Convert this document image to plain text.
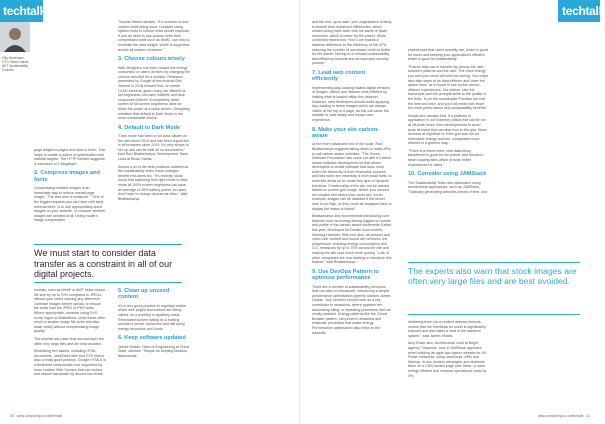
techtalk
Filip Mortensen, CTO, Brave Saints, NET Sustainability Founder

page weight to pages and slow to them. This helps to create a culture of optimisation with realistic targets. The HTTP Archive suggests a maximum of 1 Megabyte.

2. Compress images and fonts

Compressing website images is an immediate way to reduce overall page weight. "The less time it continues." "One of the biggest impacts you can have with fairly minimal effort, is to use appropriately sized images on your website, or consider whether images are needed at all. Using modern image compression

We must start to consider data transfer as a constraint in all of our digital projects.

formats, such as WebP or AVIF helps reduce file size by up to 70% compared to JPEGs, without your users noticing any difference. Optimise images before upload, to reduce the extra load the JPEG or PNG adds. Where appropriate, consider using SVG icons, logos or illustrations, since these often result in smaller image file sizes and also scale easily without compromising image quality."

The experts also warn that second-layer are often very large files and are best avoided.

Minimising text assets, including HTML documents, JavaScript files and CSS files is also a really good practice. Google HTML5 is a treatment compression tool supported by most modern Web Servers that can reduce and reduce bandwidth by around two thirds.

Thomas Morris advises: "It's common to see custom fonts being used. Consider using system fonts to reduce extra server requests. If you do need to use custom fonts then compressed fonts such as Woff2, can help to minimise the data weight. Woff2 is supported across all modern browsers."

3. Choose colours wisely

Web designers can even reduce the energy consumed on users' devices by changing the colours selected for a website. Research presented by Google at the Android Dev Summit in 2018 showed that, on newer OLED screens, green hues use 366mW at full brightness, red uses 448mW, and blue consumes 618mW. A completely white screen at full screen brightness uses six times the power of a black screen. Designing websites that default to Dark Mode is the more sustainable choice.

4. Default to Dark Mode

"Dark mode has been a hot class citizen on the web since 2019 and has been supported in all browsers since 2019. It's very simple to set up and can be built on no boundaries," said Ravi Bhattacharya, Development Team Lead at Brave Saints.

Accent a lot of the best practices outlined as the sustainability team, these changes benefit end-users too. "It's recently study found that switching from light mode to dark mode at 100% screen brightness can save an average of 45% battery power, so users don't have to charge devices as often," said Bhattacharya.

5. Clean up unused content

It's a very good practice to regularly review which web pages and content are being visited, on a monthly or quarterly basis. Redundant content sitting on a hosting provider's server consumes and still using energy resources and funds.

6. Keep software updated

James Hodds, Head of Engineering at Great State, advises: "Simple be keeping libraries, frameworks

10 www.computing.co.uk/techtalk

and the rest, up-to-date, your organisation is likely to benefit from enhanced efficiencies, which means doing more work with the same or fewer resources, which is better for the planet. When combined means this: Your Core makes a massive difference to the efficiency of the CPU, reducing the number of processes which is better for the planet. Moving to a reduced sustainability and efficiency benefits and an improved security posture."

7. Lead web content efficiently

Implementing lazy-loading makes digital versions of images, videos and iframes more efficient by limiting what is loaded within the viewport. However, web developers should avoid applying lazy-loading to these images which are always visible at the top of a page, as this will cause the website to load slowly and impact user experience.

8. Make your site carbon-aware

At the more advanced end of the scale, Ravi Bhattacharya suggests taking steps to make APIs to call carbon-aware websites. "The Green Software Foundation has come out with a Carbon Aware software development kit that allows developers to create software that does more when the electricity is from renewable sources and less when the electricity is from fossil fuels, to work into areas so to create this type of dynamic functions. Functionality of the site can be altered based on current grid usage, where your servers are located and where your users are. As an example, images can be disabled if the server load is too high, or they could be swapped back to display the status is linked."

Bhattacharya also recommends introducing core features such as energy-saving toggles on screen and profile in the carbon-aware kitchenette Earlier this year, developed for Danish food content, Working Hammer. With one click, all pictures and video over content and sound are removed, the progressive; reducing energy consumption and CO₂ emissions by up to 75% across the site and making the site load much more quickly. "Lots of other companies are now starting to introduce this feature," said Bhattacharya.

9. Use DevOps Pattern to optimise performance

There are a number of sustainability principles that can also be introduced: introducing a simple performance optimisation pipeline advises James Hodds. "Any services should work as a key contributor to emissions, where systems are automating idling, or repeating processes that are wholly wasteful. Energy patterns like the Circuit Breaker pattern, can prevent unwanted and eradicate processes that waste energy. Performance optimisation also helps to the tradeoffs

experiences that users actually use, which is good for users and keeping your application's efficient, which is good for sustainability.

"Ensure data use in transfer lay across the user-between patterns and the user. The more energy you and your users will need as seeing. You might also take steps to be data efficient and lower the space more, as in those in use by the carbon-efficient experiences. Our advice: Use the transcripts and the prompts while to the quality of the lines. To be the sustainable Prioritise the rest the time and time, and you'll all mean with fewer the more performance and sustainability benefits."

Hodds also advises that, if a platform or application is not business critical that can be run at off-peak times, then developments to avoid peak demand that can also look to the grid. Given demand at nighttime or if the grid was run on renewable energy sources, sustainable more efficient in a greener way.

"There is a theme here: less data being transferred is good for the planet, and results in faster loading sites which provide better experiences for users."

10. Consider using JAMStack

The Sustainability Team also advocates using architectural approaches, such as JAMStack, "Statically generating websites ahead of time, and

The experts also warn that stock images are often very large files and are best avoided.

delivering them via a content delivery network, means that the overhead for users is significantly reduced and also takes a load of the backend system," said James Hodds.

Amy Rowe also, Architectural Lead at Bright Agency Turquoise, runs a JAMStack approach when building an agile low-carbon website for UK Power Networks, using JavaScript, APIs and Markup, to use modern webpages and distribute them on a CDN-hosted page over these, to save energy efficient and reduced operational costs by 4%.

www.computing.co.uk/techtalk 11
techtalk
